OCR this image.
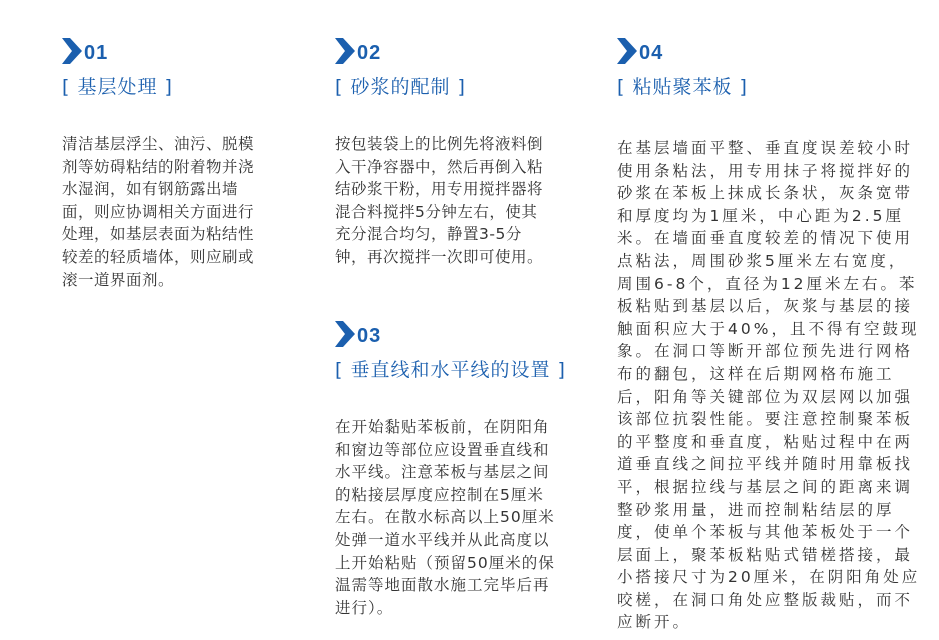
01
[ 基层处理 ]
清洁基层浮尘、油污、脱模
剂等妨碍粘结的附着物并浇
水湿润，如有钢筋露出墙
面，则应协调相关方面进行
处理，如基层表面为粘结性
较差的轻质墙体，则应刷或
滚一道界面剂。
02
[ 砂浆的配制 ]
按包装袋上的比例先将液料倒
入干净容器中，然后再倒入粘
结砂浆干粉，用专用搅拌器将
混合料搅拌5分钟左右，使其
充分混合均匀，静置3-5分
钟，再次搅拌一次即可使用。
03
[ 垂直线和水平线的设置 ]
在开始黏贴苯板前，在阴阳角
和窗边等部位应设置垂直线和
水平线。注意苯板与基层之间
的粘接层厚度应控制在5厘米
左右。在散水标高以上50厘米
处弹一道水平线并从此高度以
上开始粘贴（预留50厘米的保
温需等地面散水施工完毕后再
进行）。
04
[ 粘贴聚苯板 ]
在基层墙面平整、垂直度误差较小时
使用条粘法，用专用抹子将搅拌好的
砂浆在苯板上抹成长条状，灰条宽带
和厚度均为1厘米，中心距为2.5厘
米。在墙面垂直度较差的情况下使用
点粘法，周围砂浆5厘米左右宽度，
周围6-8个，直径为12厘米左右。苯
板粘贴到基层以后，灰浆与基层的接
触面积应大于40%，且不得有空鼓现
象。在洞口等断开部位预先进行网格
布的翻包，这样在后期网格布施工
后，阳角等关键部位为双层网以加强
该部位抗裂性能。要注意控制聚苯板
的平整度和垂直度，粘贴过程中在两
道垂直线之间拉平线并随时用靠板找
平，根据拉线与基层之间的距离来调
整砂浆用量，进而控制粘结层的厚
度，使单个苯板与其他苯板处于一个
层面上，聚苯板粘贴式错槎搭接，最
小搭接尺寸为20厘米，在阴阳角处应
咬槎，在洞口角处应整版裁贴，而不
应断开。
